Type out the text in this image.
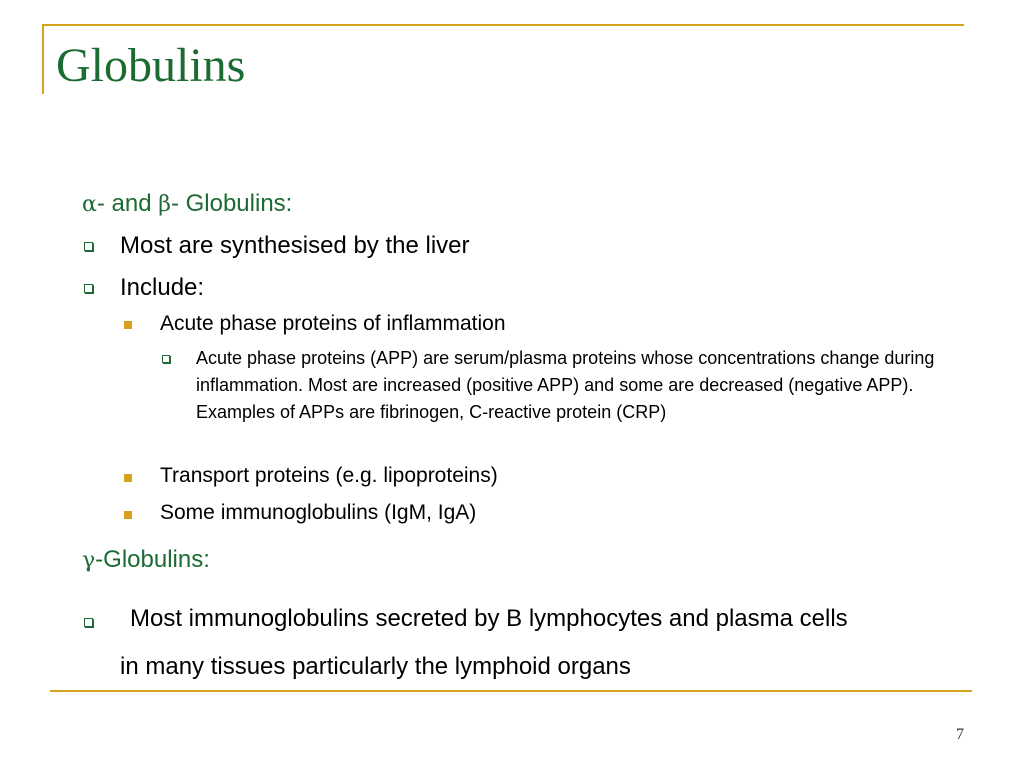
Globulins
α- and β- Globulins:
Most are synthesised by the liver
Include:
Acute phase proteins of inflammation
Acute phase proteins (APP) are serum/plasma proteins whose concentrations change during inflammation. Most are increased (positive APP) and some are decreased (negative APP). Examples of APPs are fibrinogen, C-reactive protein (CRP)
Transport proteins (e.g. lipoproteins)
Some immunoglobulins (IgM, IgA)
γ-Globulins:
Most immunoglobulins secreted by B lymphocytes and plasma cells
in many tissues particularly the lymphoid organs
7
